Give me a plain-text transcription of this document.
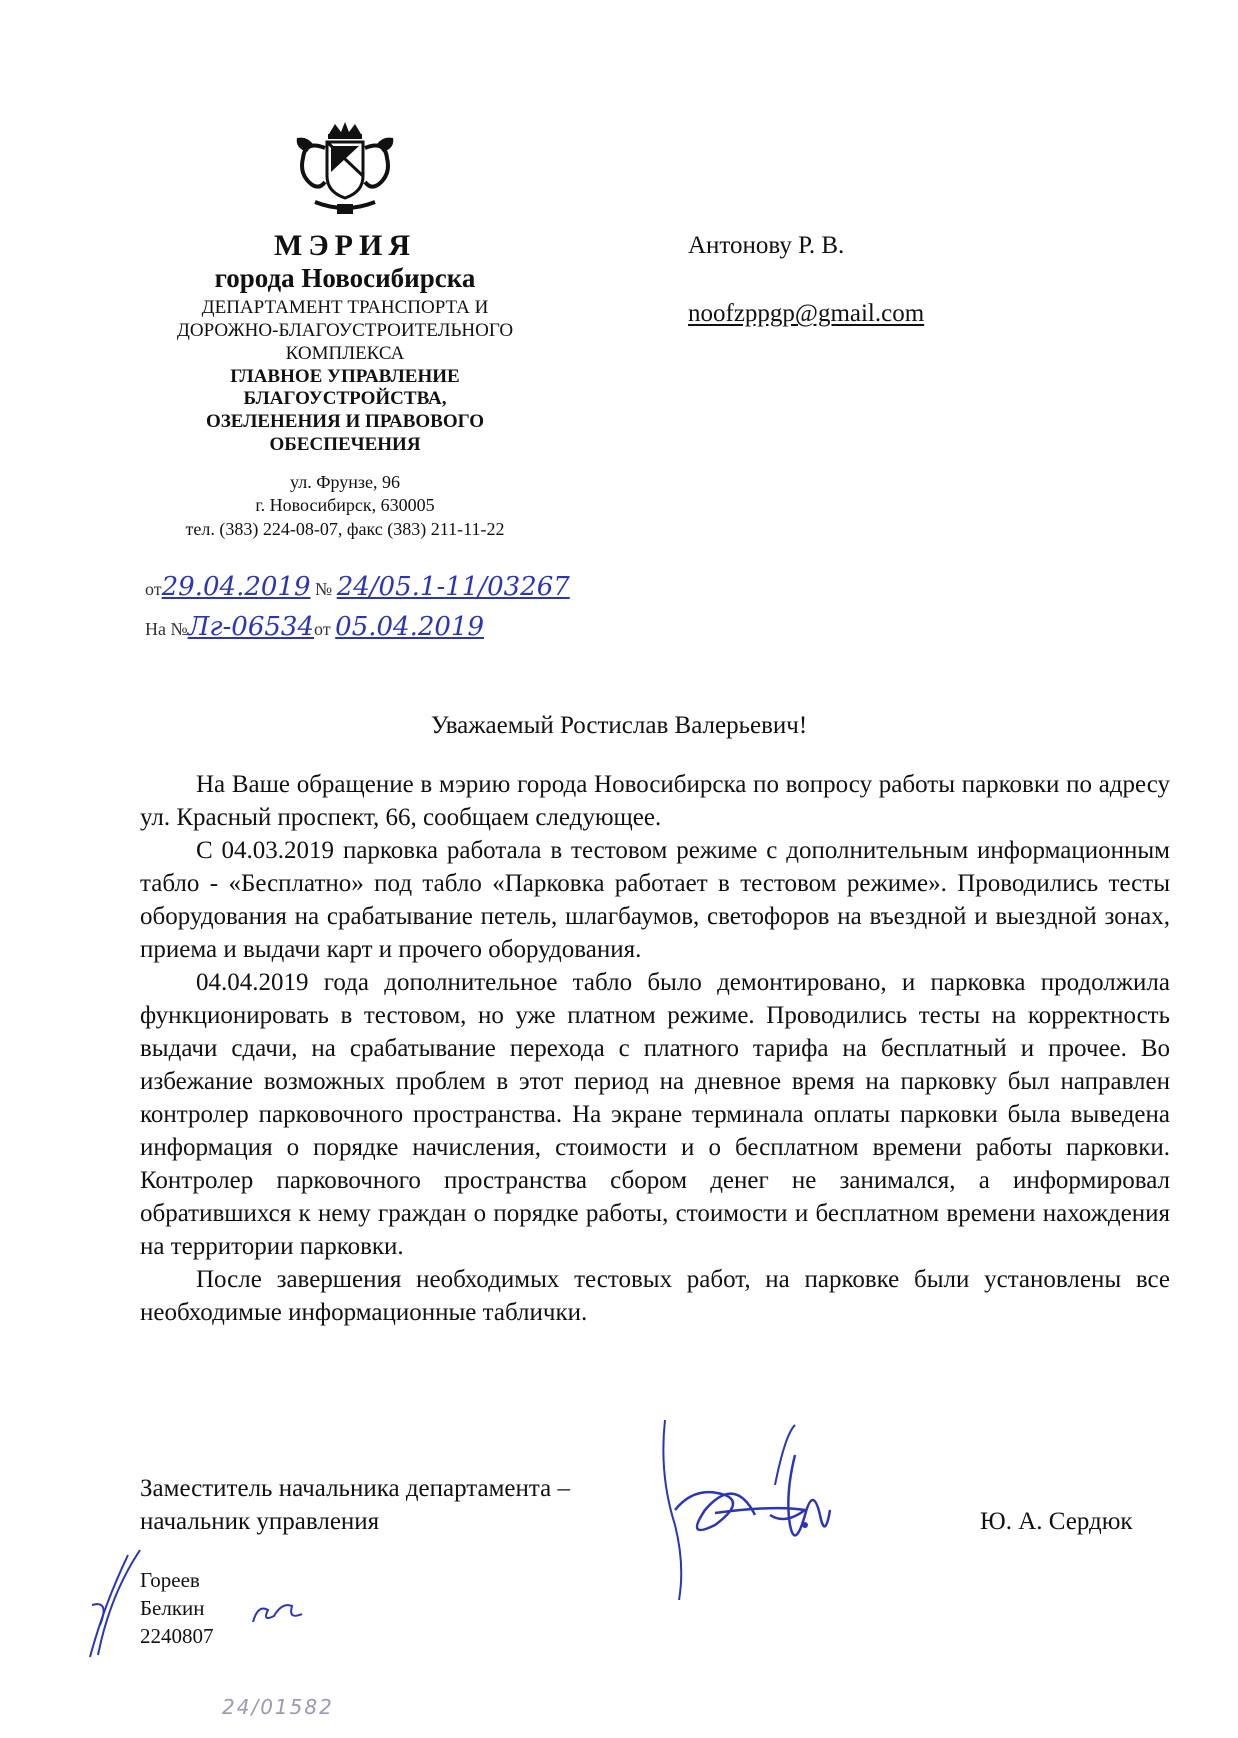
МЭРИЯ
города Новосибирска
ДЕПАРТАМЕНТ ТРАНСПОРТА И
ДОРОЖНО-БЛАГОУСТРОИТЕЛЬНОГО
КОМПЛЕКСА
ГЛАВНОЕ УПРАВЛЕНИЕ
БЛАГОУСТРОЙСТВА,
ОЗЕЛЕНЕНИЯ И ПРАВОВОГО
ОБЕСПЕЧЕНИЯ
ул. Фрунзе, 96
г. Новосибирск, 630005
тел. (383) 224-08-07, факс (383) 211-11-22
от29.04.2019 № 24/05.1-11/03267
На №Лг-06534от 05.04.2019
Антонову Р. В.
noofzppgp@gmail.com
Уважаемый Ростислав Валерьевич!

На Ваше обращение в мэрию города Новосибирска по вопросу работы парковки по адресу ул. Красный проспект, 66, сообщаем следующее.

С 04.03.2019 парковка работала в тестовом режиме с дополнительным информационным табло - «Бесплатно» под табло «Парковка работает в тестовом режиме». Проводились тесты оборудования на срабатывание петель, шлагбаумов, светофоров на въездной и выездной зонах, приема и выдачи карт и прочего оборудования.

04.04.2019 года дополнительное табло было демонтировано, и парковка продолжила функционировать в тестовом, но уже платном режиме. Проводились тесты на корректность выдачи сдачи, на срабатывание перехода с платного тарифа на бесплатный и прочее. Во избежание возможных проблем в этот период на дневное время на парковку был направлен контролер парковочного пространства. На экране терминала оплаты парковки была выведена информация о порядке начисления, стоимости и о бесплатном времени работы парковки. Контролер парковочного пространства сбором денег не занимался, а информировал обратившихся к нему граждан о порядке работы, стоимости и бесплатном времени нахождения на территории парковки.

После завершения необходимых тестовых работ, на парковке были установлены все необходимые информационные таблички.

Заместитель начальника департамента –
начальник управления	Ю. А. Сердюк
Гореев
Белкин
2240807
24/01582
